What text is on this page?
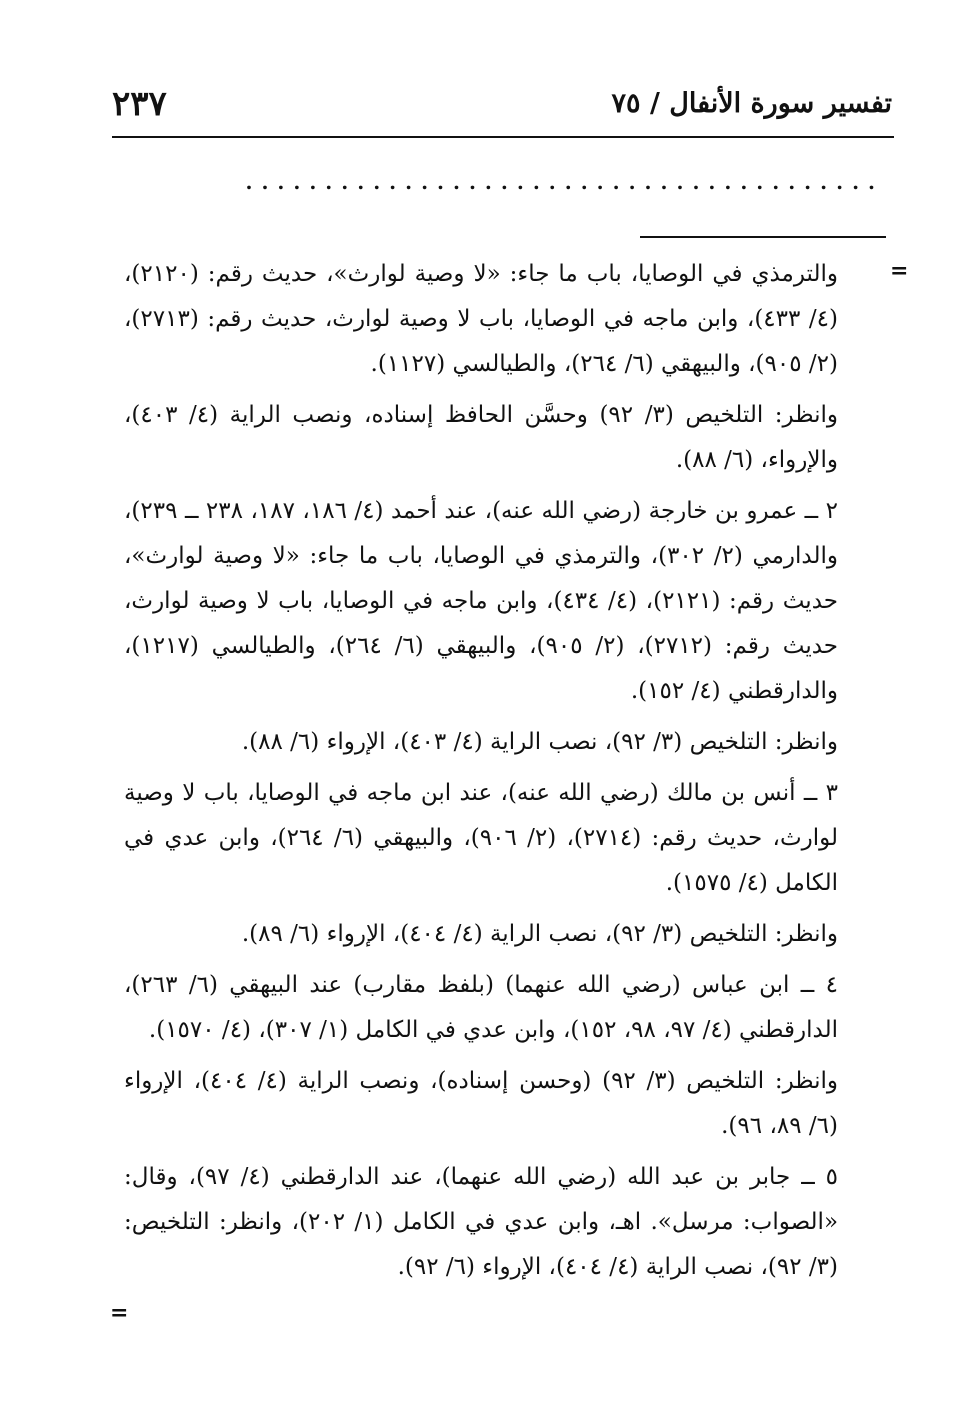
تفسير سورة الأنفال / ٧٥
٢٣٧
........................................
=

والترمذي في الوصايا، باب ما جاء: «لا وصية لوارث»، حديث رقم: (٢١٢٠)، (٤/ ٤٣٣)، وابن ماجه في الوصايا، باب لا وصية لوارث، حديث رقم: (٢٧١٣)، (٢/ ٩٠٥)، والبيهقي (٦/ ٢٦٤)، والطيالسي (١١٢٧).

وانظر: التلخيص (٣/ ٩٢) وحسَّن الحافظ إسناده، ونصب الراية (٤/ ٤٠٣)، والإرواء، (٦/ ٨٨).

٢ ــ عمرو بن خارجة (رضي الله عنه)، عند أحمد (٤/ ١٨٦، ١٨٧، ٢٣٨ ــ ٢٣٩)، والدارمي (٢/ ٣٠٢)، والترمذي في الوصايا، باب ما جاء: «لا وصية لوارث»، حديث رقم: (٢١٢١)، (٤/ ٤٣٤)، وابن ماجه في الوصايا، باب لا وصية لوارث، حديث رقم: (٢٧١٢)، (٢/ ٩٠٥)، والبيهقي (٦/ ٢٦٤)، والطيالسي (١٢١٧)، والدارقطني (٤/ ١٥٢).

وانظر: التلخيص (٣/ ٩٢)، نصب الراية (٤/ ٤٠٣)، الإرواء (٦/ ٨٨).

٣ ــ أنس بن مالك (رضي الله عنه)، عند ابن ماجه في الوصايا، باب لا وصية لوارث، حديث رقم: (٢٧١٤)، (٢/ ٩٠٦)، والبيهقي (٦/ ٢٦٤)، وابن عدي في الكامل (٤/ ١٥٧٥).

وانظر: التلخيص (٣/ ٩٢)، نصب الراية (٤/ ٤٠٤)، الإرواء (٦/ ٨٩).

٤ ــ ابن عباس (رضي الله عنهما) (بلفظ مقارب) عند البيهقي (٦/ ٢٦٣)، الدارقطني (٤/ ٩٧، ٩٨، ١٥٢)، وابن عدي في الكامل (١/ ٣٠٧)، (٤/ ١٥٧٠).

وانظر: التلخيص (٣/ ٩٢) (وحسن إسناده)، ونصب الراية (٤/ ٤٠٤)، الإرواء (٦/ ٨٩، ٩٦).

٥ ــ جابر بن عبد الله (رضي الله عنهما)، عند الدارقطني (٤/ ٩٧)، وقال: «الصواب: مرسل». اهـ، وابن عدي في الكامل (١/ ٢٠٢)، وانظر: التلخيص: (٣/ ٩٢)، نصب الراية (٤/ ٤٠٤)، الإرواء (٦/ ٩٢).

=
